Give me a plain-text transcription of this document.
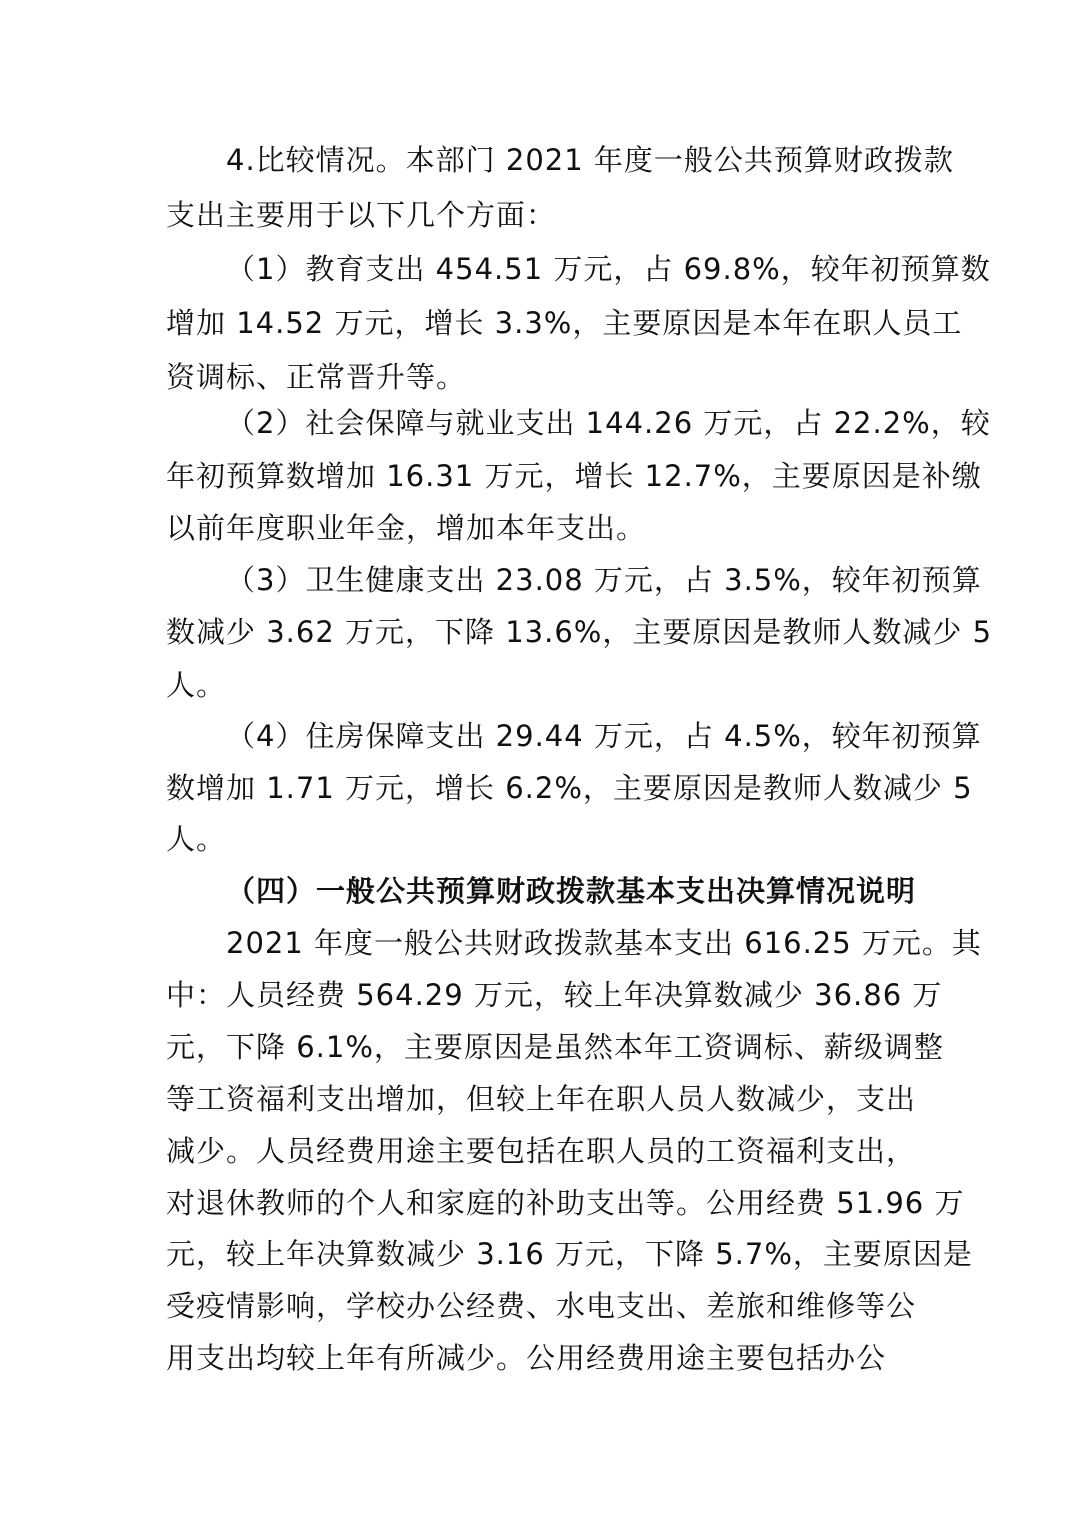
4.比较情况。本部门 2021 年度一般公共预算财政拨款
支出主要用于以下几个方面：
（1）教育支出 454.51 万元，占 69.8%，较年初预算数
增加 14.52 万元，增长 3.3%，主要原因是本年在职人员工
资调标、正常晋升等。
（2）社会保障与就业支出 144.26 万元，占 22.2%，较
年初预算数增加 16.31 万元，增长 12.7%，主要原因是补缴
以前年度职业年金，增加本年支出。
（3）卫生健康支出 23.08 万元，占 3.5%，较年初预算
数减少 3.62 万元，下降 13.6%，主要原因是教师人数减少 5
人。
（4）住房保障支出 29.44 万元，占 4.5%，较年初预算
数增加 1.71 万元，增长 6.2%，主要原因是教师人数减少 5
人。
（四）一般公共预算财政拨款基本支出决算情况说明
2021 年度一般公共财政拨款基本支出 616.25 万元。其
中：人员经费 564.29 万元，较上年决算数减少 36.86 万
元，下降 6.1%，主要原因是虽然本年工资调标、薪级调整
等工资福利支出增加，但较上年在职人员人数减少，支出
减少。人员经费用途主要包括在职人员的工资福利支出，
对退休教师的个人和家庭的补助支出等。公用经费 51.96 万
元，较上年决算数减少 3.16 万元，下降 5.7%，主要原因是
受疫情影响，学校办公经费、水电支出、差旅和维修等公
用支出均较上年有所减少。公用经费用途主要包括办公
